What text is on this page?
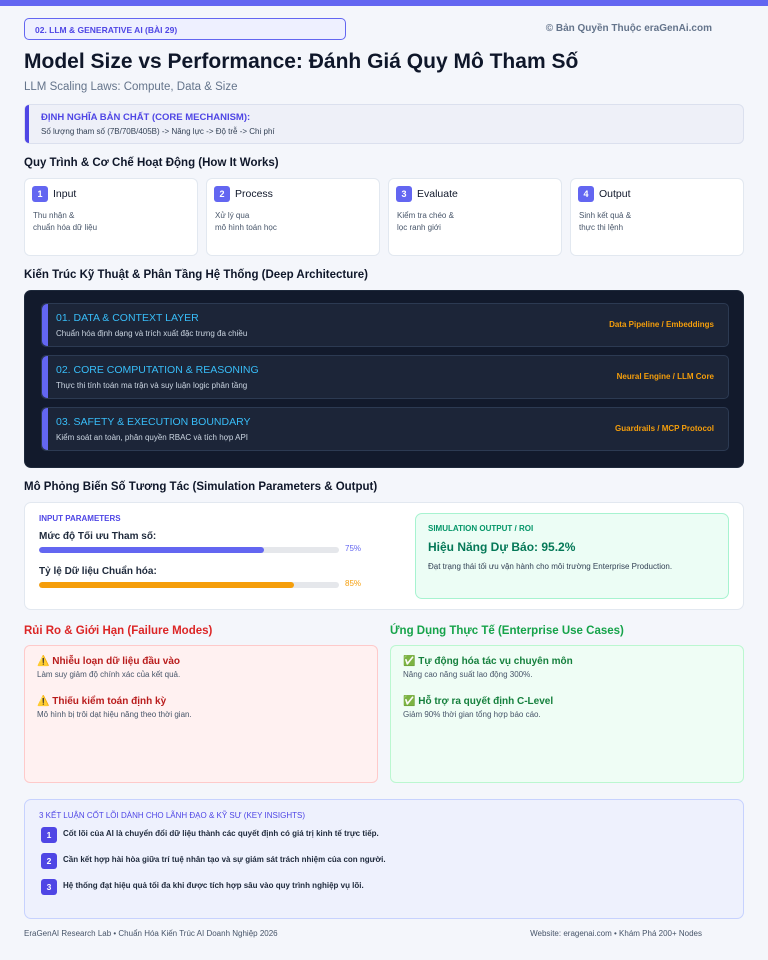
02. LLM & GENERATIVE AI (BÀI 29)	© Bản Quyền Thuộc eraGenAi.com
Model Size vs Performance: Đánh Giá Quy Mô Tham Số
LLM Scaling Laws: Compute, Data & Size
ĐỊNH NGHĨA BẢN CHẤT (CORE MECHANISM):
Số lượng tham số (7B/70B/405B) -> Năng lực -> Độ trễ -> Chi phí
Quy Trình & Cơ Chế Hoạt Động (How It Works)
1	Input
Thu nhận &
chuẩn hóa dữ liệu
2	Process
Xử lý qua
mô hình toán học
3	Evaluate
Kiểm tra chéo &
lọc ranh giới
4	Output
Sinh kết quả &
thực thi lệnh
Kiến Trúc Kỹ Thuật & Phân Tầng Hệ Thống (Deep Architecture)
01. DATA & CONTEXT LAYER
Chuẩn hóa định dạng và trích xuất đặc trưng đa chiều
Data Pipeline / Embeddings
02. CORE COMPUTATION & REASONING
Thực thi tính toán ma trận và suy luận logic phân tầng
Neural Engine / LLM Core
03. SAFETY & EXECUTION BOUNDARY
Kiểm soát an toàn, phân quyền RBAC và tích hợp API
Guardrails / MCP Protocol
Mô Phỏng Biến Số Tương Tác (Simulation Parameters & Output)
INPUT PARAMETERS
Mức độ Tối ưu Tham số:
75%
Tỷ lệ Dữ liệu Chuẩn hóa:
85%
SIMULATION OUTPUT / ROI
Hiệu Năng Dự Báo: 95.2%
Đạt trạng thái tối ưu vận hành cho môi trường Enterprise Production.
Rủi Ro & Giới Hạn (Failure Modes)	Ứng Dụng Thực Tế (Enterprise Use Cases)
⚠️ Nhiễu loạn dữ liệu đầu vào
Làm suy giảm độ chính xác của kết quả.
⚠️ Thiếu kiểm toán định kỳ
Mô hình bị trôi dạt hiệu năng theo thời gian.
✅ Tự động hóa tác vụ chuyên môn
Nâng cao năng suất lao động 300%.
✅ Hỗ trợ ra quyết định C-Level
Giảm 90% thời gian tổng hợp báo cáo.
3 KẾT LUẬN CỐT LÕI DÀNH CHO LÃNH ĐẠO & KỸ SƯ (KEY INSIGHTS)
1	Cốt lõi của AI là chuyển đổi dữ liệu thành các quyết định có giá trị kinh tế trực tiếp.
2	Cần kết hợp hài hòa giữa trí tuệ nhân tạo và sự giám sát trách nhiệm của con người.
3	Hệ thống đạt hiệu quả tối đa khi được tích hợp sâu vào quy trình nghiệp vụ lõi.
EraGenAI Research Lab • Chuẩn Hóa Kiến Trúc AI Doanh Nghiệp 2026	Website: eragenai.com • Khám Phá 200+ Nodes
